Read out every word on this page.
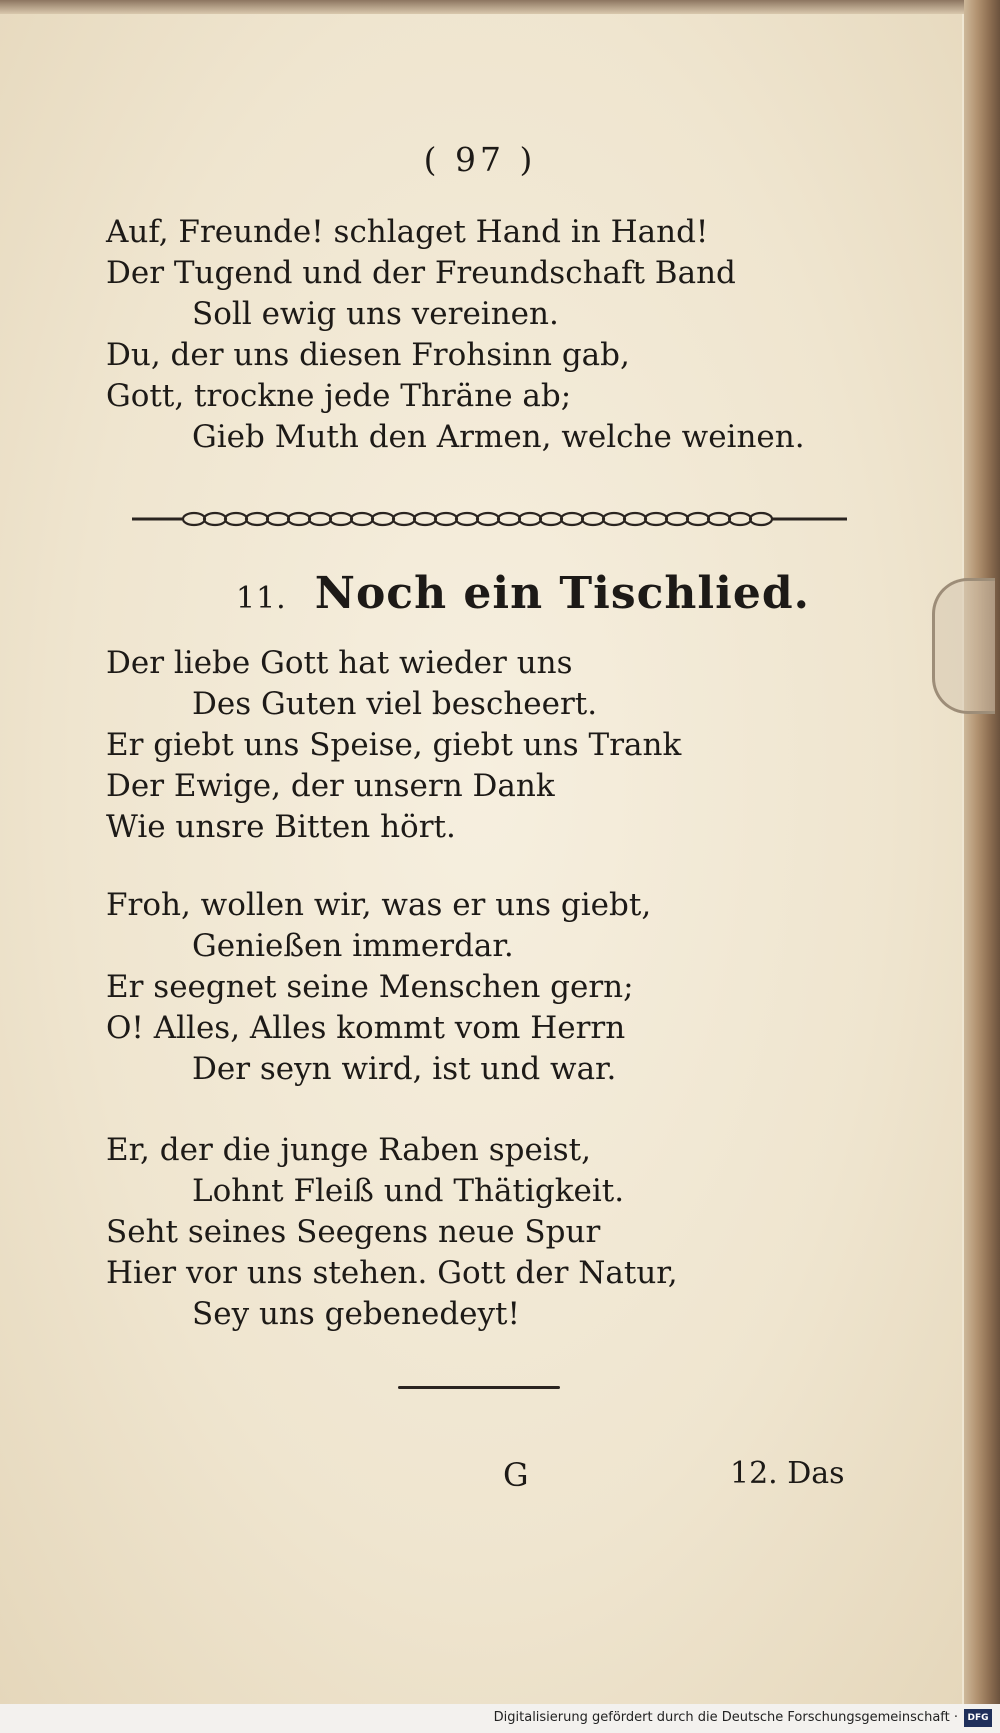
( 97 )
Auf, Freunde! schlaget Hand in Hand!
Der Tugend und der Freundschaft Band
Soll ewig uns vereinen.
Du, der uns diesen Frohsinn gab,
Gott, trockne jede Thräne ab;
Gieb Muth den Armen, welche weinen.
11. Noch ein Tischlied.
Der liebe Gott hat wieder uns
Des Guten viel bescheert.
Er giebt uns Speise, giebt uns Trank
Der Ewige, der unsern Dank
Wie unsre Bitten hört.
Froh, wollen wir, was er uns giebt,
Genießen immerdar.
Er seegnet seine Menschen gern;
O! Alles, Alles kommt vom Herrn
Der seyn wird, ist und war.
Er, der die junge Raben speist,
Lohnt Fleiß und Thätigkeit.
Seht seines Seegens neue Spur
Hier vor uns stehen. Gott der Natur,
Sey uns gebenedeyt!
G	12. Das
Digitalisierung gefördert durch die Deutsche Forschungsgemeinschaft ·	DFG
